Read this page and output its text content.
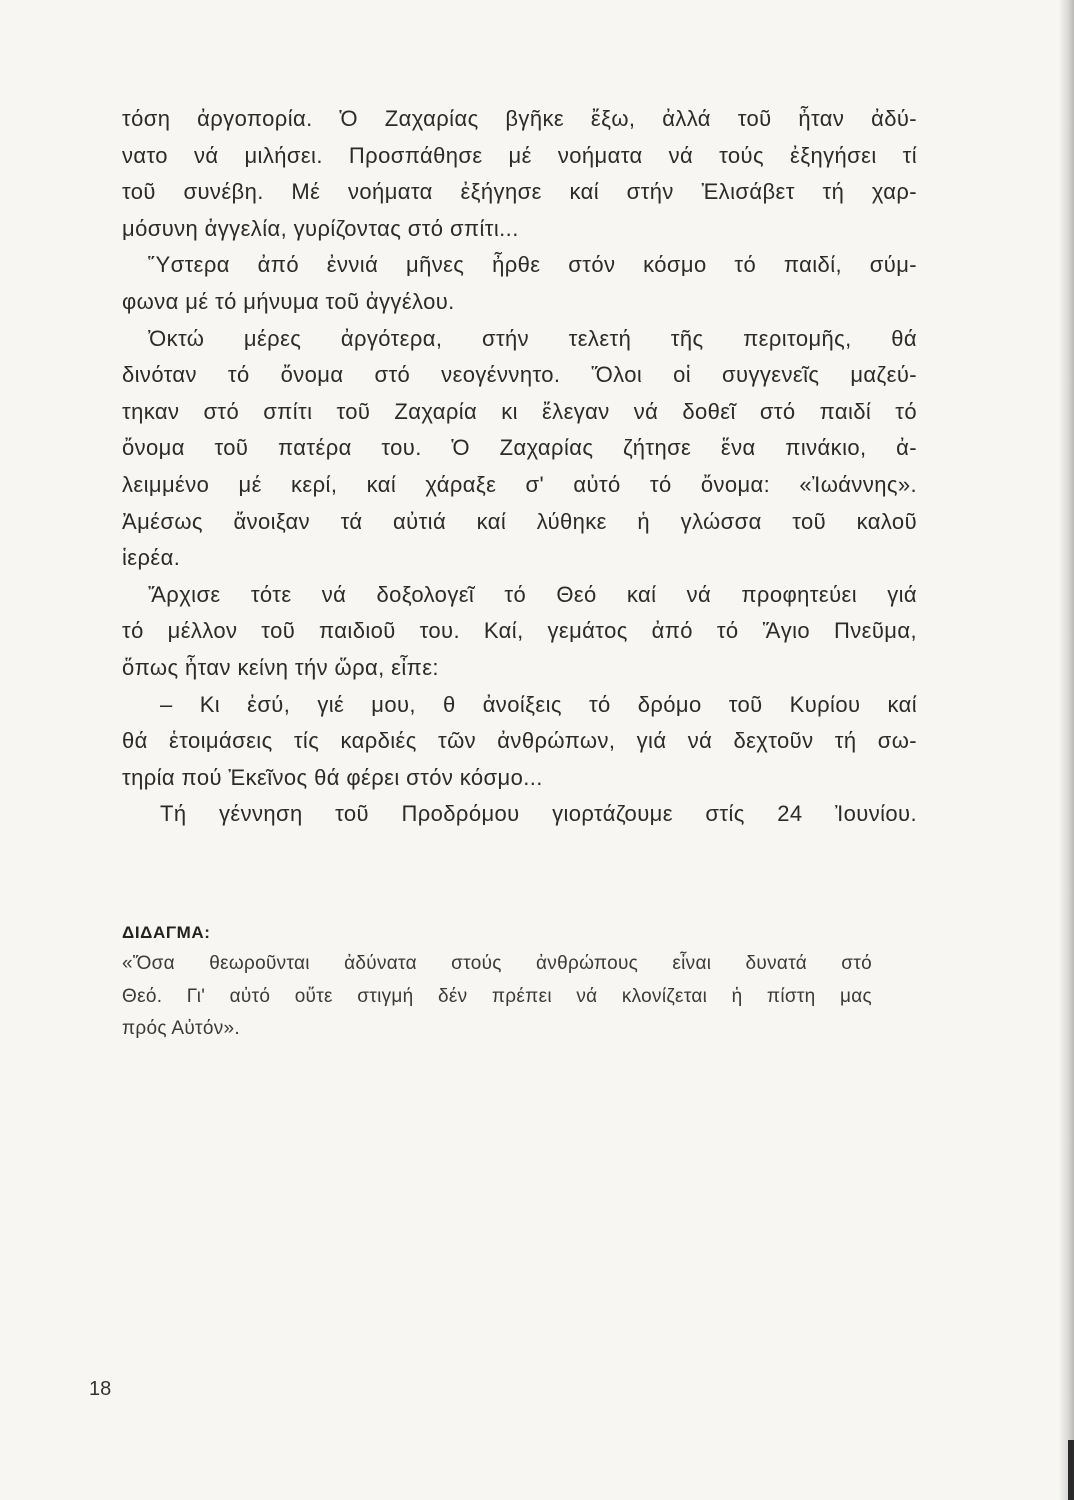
τόση ἀργοπορία. Ὁ Ζαχαρίας βγῆκε ἔξω, ἀλλά τοῦ ἦταν ἀδύ-
νατο νά μιλήσει. Προσπάθησε μέ νοήματα νά τούς ἐξηγήσει τί
τοῦ συνέβη. Μέ νοήματα ἐξήγησε καί στήν Ἐλισάβετ τή χαρ-
μόσυνη ἀγγελία, γυρίζοντας στό σπίτι...
Ὕστερα ἀπό ἐννιά μῆνες ἦρθε στόν κόσμο τό παιδί, σύμ-
φωνα μέ τό μήνυμα τοῦ ἀγγέλου.
Ὀκτώ μέρες ἀργότερα, στήν τελετή τῆς περιτομῆς, θά
δινόταν τό ὄνομα στό νεογέννητο. Ὅλοι οἱ συγγενεῖς μαζεύ-
τηκαν στό σπίτι τοῦ Ζαχαρία κι ἔλεγαν νά δοθεῖ στό παιδί τό
ὄνομα τοῦ πατέρα του. Ὁ Ζαχαρίας ζήτησε ἕνα πινάκιο, ἀ-
λειμμένο μέ κερί, καί χάραξε σ' αὐτό τό ὄνομα: «Ἰωάννης».
Ἀμέσως ἄνοιξαν τά αὐτιά καί λύθηκε ἡ γλώσσα τοῦ καλοῦ
ἱερέα.
Ἄρχισε τότε νά δοξολογεῖ τό Θεό καί νά προφητεύει γιά
τό μέλλον τοῦ παιδιοῦ του. Καί, γεμάτος ἀπό τό Ἅγιο Πνεῦμα,
ὅπως ἦταν κείνη τήν ὥρα, εἶπε:
– Κι ἐσύ, γιέ μου, θ ἀνοίξεις τό δρόμο τοῦ Κυρίου καί
θά ἑτοιμάσεις τίς καρδιές τῶν ἀνθρώπων, γιά νά δεχτοῦν τή σω-
τηρία πού Ἐκεῖνος θά φέρει στόν κόσμο...
Τή γέννηση τοῦ Προδρόμου γιορτάζουμε στίς 24 Ἰουνίου.
ΔΙΔΑΓΜΑ:
«Ὅσα θεωροῦνται ἀδύνατα στούς ἀνθρώπους εἶναι δυνατά στό
Θεό. Γι' αὐτό οὔτε στιγμή δέν πρέπει νά κλονίζεται ἡ πίστη μας
πρός Αὐτόν».
18
